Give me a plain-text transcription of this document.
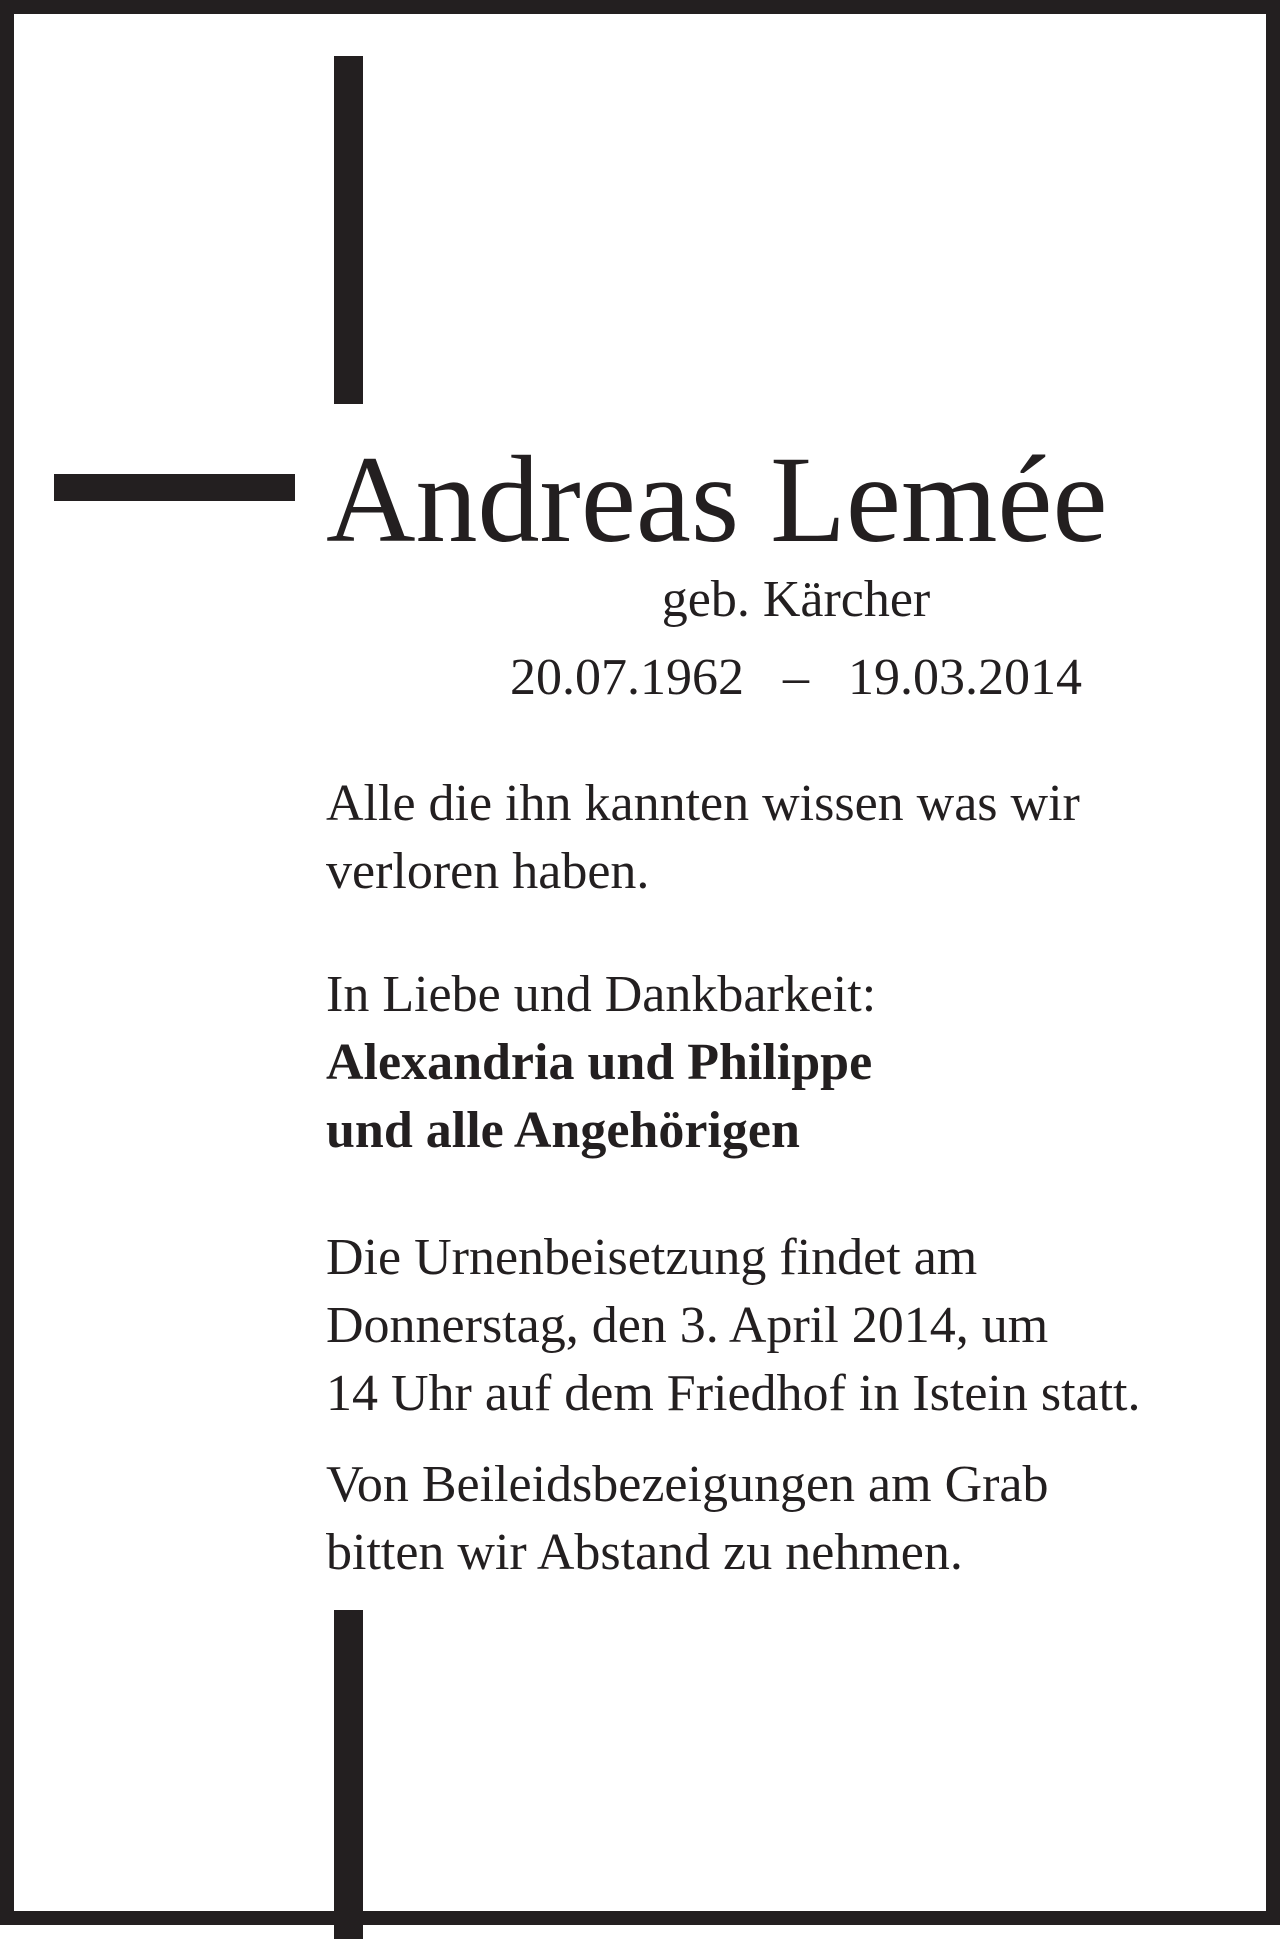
Andreas Lemée
geb. Kärcher
20.07.1962 – 19.03.2014

Alle die ihn kannten wissen was wir
verloren haben.

In Liebe und Dankbarkeit:
Alexandria und Philippe
und alle Angehörigen

Die Urnenbeisetzung findet am
Donnerstag, den 3. April 2014, um
14 Uhr auf dem Friedhof in Istein statt.

Von Beileidsbezeigungen am Grab
bitten wir Abstand zu nehmen.
